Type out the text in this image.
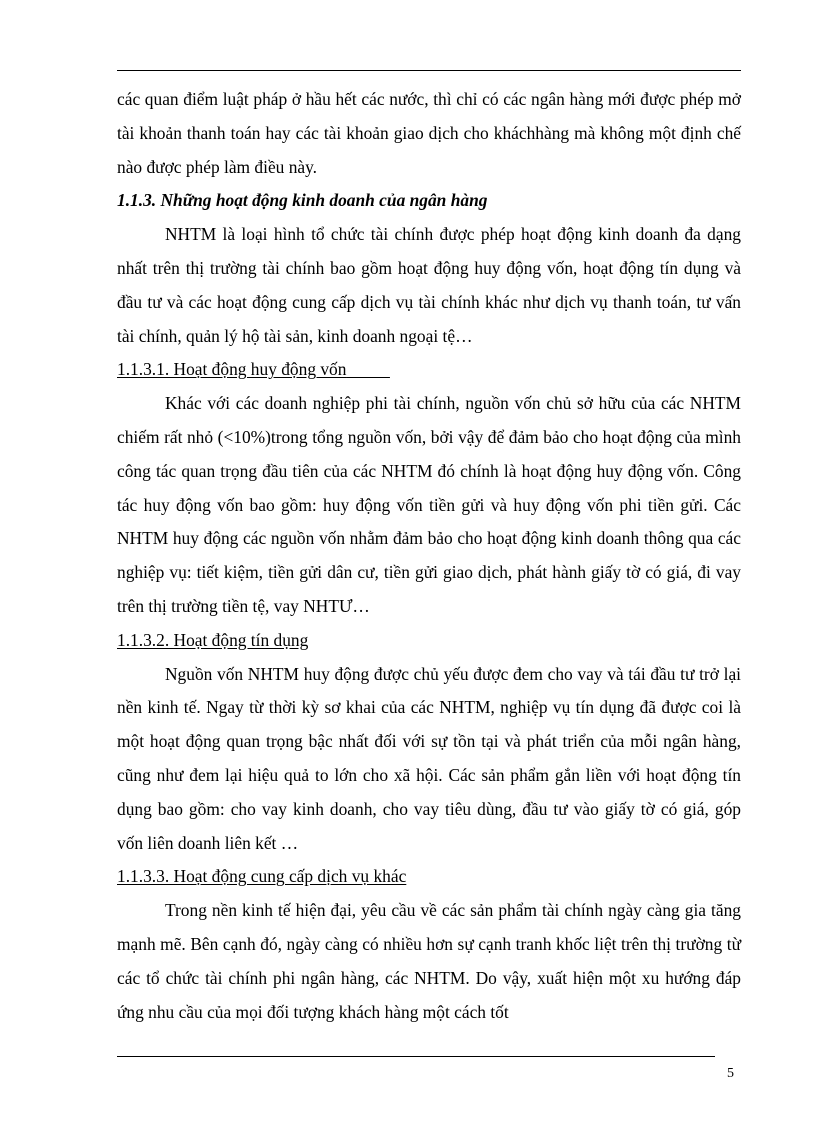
các quan điểm luật pháp ở hầu hết các nước, thì chỉ có các ngân hàng mới được phép mở tài khoản thanh toán hay các tài khoản giao dịch cho kháchhàng mà không một định chế nào được phép làm điều này.

1.1.3. Những hoạt động kinh doanh của ngân hàng

NHTM là loại hình tổ chức tài chính được phép hoạt động kinh doanh đa dạng nhất trên thị trường tài chính bao gồm hoạt động huy động vốn, hoạt động tín dụng và đầu tư và các hoạt động cung cấp dịch vụ tài chính khác như dịch vụ thanh toán, tư vấn tài chính, quản lý hộ tài sản, kinh doanh ngoại tệ…

1.1.3.1. Hoạt động huy động vốn

Khác với các doanh nghiệp phi tài chính, nguồn vốn chủ sở hữu của các NHTM chiếm rất nhỏ (<10%)trong tổng nguồn vốn, bởi vậy để đảm bảo cho hoạt động của mình công tác quan trọng đầu tiên của các NHTM đó chính là hoạt động huy động vốn. Công tác huy động vốn bao gồm: huy động vốn tiền gửi và huy động vốn phi tiền gửi. Các NHTM huy động các nguồn vốn nhằm đảm bảo cho hoạt động kinh doanh thông qua các nghiệp vụ: tiết kiệm, tiền gửi dân cư, tiền gửi giao dịch, phát hành giấy tờ có giá, đi vay trên thị trường tiền tệ, vay NHTƯ…

1.1.3.2. Hoạt động tín dụng

Nguồn vốn NHTM huy động được chủ yếu được đem cho vay và tái đầu tư trở lại nền kinh tế. Ngay từ thời kỳ sơ khai của các NHTM, nghiệp vụ tín dụng đã được coi là một hoạt động quan trọng bậc nhất đối với sự tồn tại và phát triển của mỗi ngân hàng, cũng như đem lại hiệu quả to lớn cho xã hội. Các sản phẩm gắn liền với hoạt động tín dụng bao gồm: cho vay kinh doanh, cho vay tiêu dùng, đầu tư vào giấy tờ có giá, góp vốn liên doanh liên kết …

1.1.3.3. Hoạt động cung cấp dịch vụ khác

Trong nền kinh tế hiện đại, yêu cầu về các sản phẩm tài chính ngày càng gia tăng mạnh mẽ. Bên cạnh đó, ngày càng có nhiều hơn sự cạnh tranh khốc liệt trên thị trường từ các tổ chức tài chính phi ngân hàng, các NHTM. Do vậy, xuất hiện một xu hướng đáp ứng nhu cầu của mọi đối tượng khách hàng một cách tốt

5
